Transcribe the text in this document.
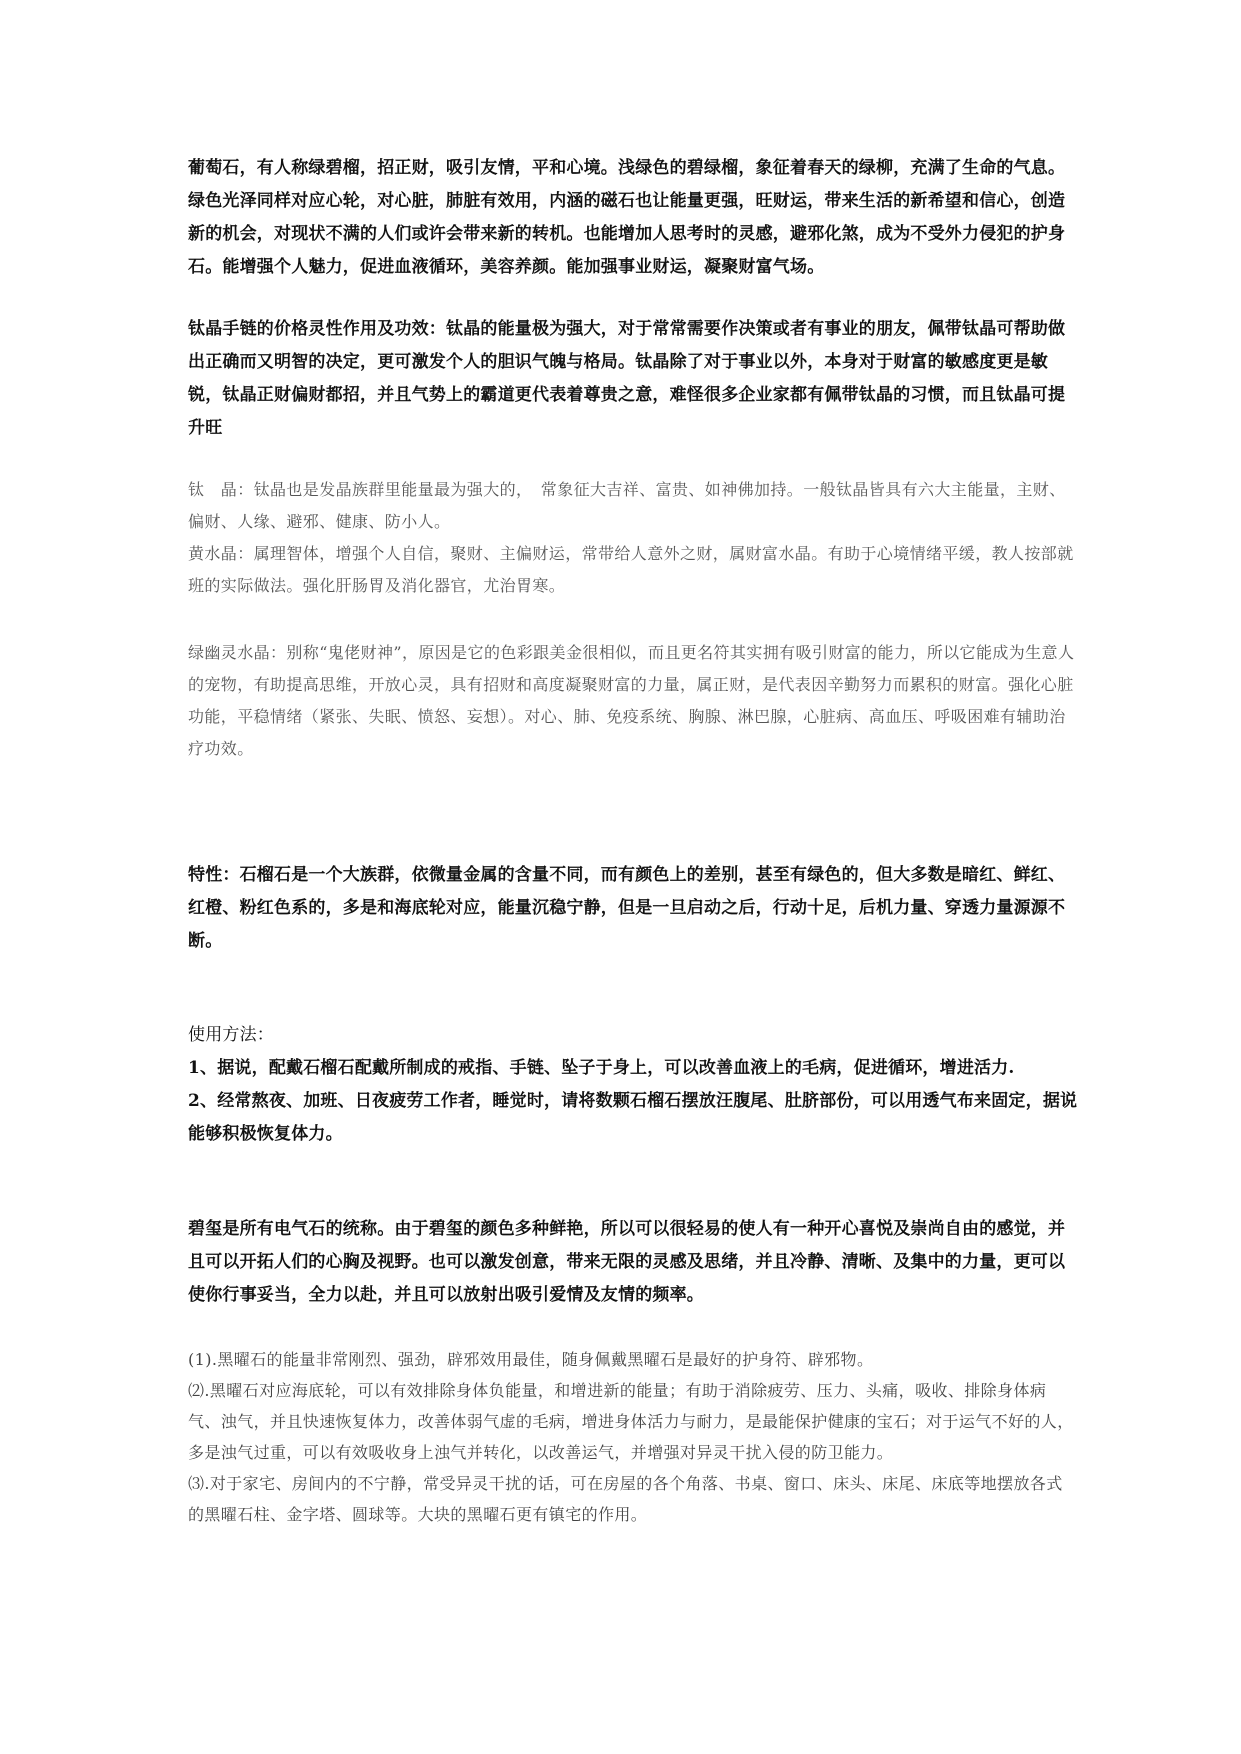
葡萄石，有人称绿碧榴，招正财，吸引友情，平和心境。浅绿色的碧绿榴，象征着春天的绿柳，充满了生命的气息。绿色光泽同样对应心轮，对心脏，肺脏有效用，内涵的磁石也让能量更强，旺财运，带来生活的新希望和信心，创造新的机会，对现状不满的人们或许会带来新的转机。也能增加人思考时的灵感，避邪化煞，成为不受外力侵犯的护身石。能增强个人魅力，促进血液循环，美容养颜。能加强事业财运，凝聚财富气场。

钛晶手链的价格灵性作用及功效：钛晶的能量极为强大，对于常常需要作决策或者有事业的朋友，佩带钛晶可帮助做出正确而又明智的决定，更可激发个人的胆识气魄与格局。钛晶除了对于事业以外，本身对于财富的敏感度更是敏锐，钛晶正财偏财都招，并且气势上的霸道更代表着尊贵之意，难怪很多企业家都有佩带钛晶的习惯，而且钛晶可提升旺

钛　晶：钛晶也是发晶族群里能量最为强大的，　常象征大吉祥、富贵、如神佛加持。一般钛晶皆具有六大主能量，主财、偏财、人缘、避邪、健康、防小人。

黄水晶：属理智体，增强个人自信，聚财、主偏财运，常带给人意外之财，属财富水晶。有助于心境情绪平缓，教人按部就班的实际做法。强化肝肠胃及消化器官，尤治胃寒。

绿幽灵水晶：别称“鬼佬财神”，原因是它的色彩跟美金很相似，而且更名符其实拥有吸引财富的能力，所以它能成为生意人的宠物，有助提高思维，开放心灵，具有招财和高度凝聚财富的力量，属正财，是代表因辛勤努力而累积的财富。强化心脏功能，平稳情绪（紧张、失眠、愤怒、妄想）。对心、肺、免疫系统、胸腺、淋巴腺，心脏病、高血压、呼吸困难有辅助治疗功效。

特性：石榴石是一个大族群，依微量金属的含量不同，而有颜色上的差别，甚至有绿色的，但大多数是暗红、鲜红、红橙、粉红色系的，多是和海底轮对应，能量沉稳宁静，但是一旦启动之后，行动十足，后机力量、穿透力量源源不断。

使用方法：

1、据说，配戴石榴石配戴所制成的戒指、手链、坠子于身上，可以改善血液上的毛病，促进循环，增进活力.

2、经常熬夜、加班、日夜疲劳工作者，睡觉时，请将数颗石榴石摆放汪腹尾、肚脐部份，可以用透气布来固定，据说能够积极恢复体力。

碧玺是所有电气石的统称。由于碧玺的颜色多种鲜艳，所以可以很轻易的使人有一种开心喜悦及崇尚自由的感觉，并且可以开拓人们的心胸及视野。也可以激发创意，带来无限的灵感及思绪，并且冷静、清晰、及集中的力量，更可以使你行事妥当，全力以赴，并且可以放射出吸引爱情及友情的频率。

(1).黑曜石的能量非常刚烈、强劲，辟邪效用最佳，随身佩戴黑曜石是最好的护身符、辟邪物。

⑵.黑曜石对应海底轮，可以有效排除身体负能量，和增进新的能量；有助于消除疲劳、压力、头痛，吸收、排除身体病气、浊气，并且快速恢复体力，改善体弱气虚的毛病，增进身体活力与耐力，是最能保护健康的宝石；对于运气不好的人，多是浊气过重，可以有效吸收身上浊气并转化，以改善运气，并增强对异灵干扰入侵的防卫能力。

⑶.对于家宅、房间内的不宁静，常受异灵干扰的话，可在房屋的各个角落、书桌、窗口、床头、床尾、床底等地摆放各式的黑曜石柱、金字塔、圆球等。大块的黑曜石更有镇宅的作用。
